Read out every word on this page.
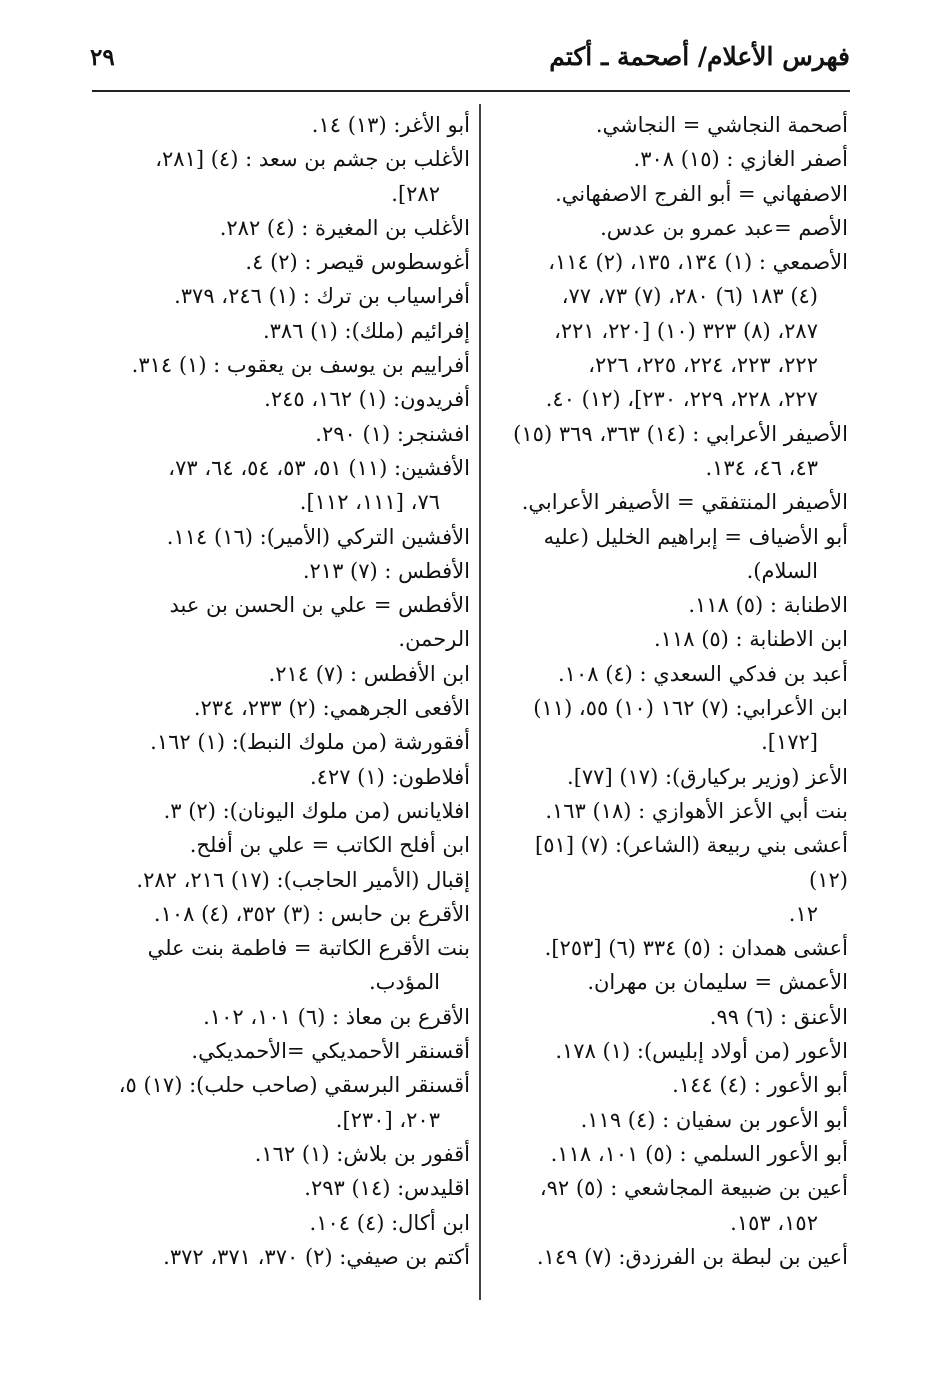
فهرس الأعلام/ أصحمة ـ أكتم
٢٩
أصحمة النجاشي = النجاشي.
أصفر الغازي : (١٥) ٣٠٨.
الاصفهاني = أبو الفرج الاصفهاني.
الأصم =عبد عمرو بن عدس.
الأصمعي : (١) ١٣٤، ١٣٥، (٢) ١١٤،
(٤) ١٨٣ (٦) ٢٨٠، (٧) ٧٣، ٧٧،
٢٨٧، (٨) ٣٢٣ (١٠) [٢٢٠، ٢٢١،
٢٢٢، ٢٢٣، ٢٢٤، ٢٢٥، ٢٢٦،
٢٢٧، ٢٢٨، ٢٢٩، ٢٣٠]، (١٢) ٤٠.
الأصيفر الأعرابي : (١٤) ٣٦٣، ٣٦٩ (١٥)
٤٣، ٤٦، ١٣٤.
الأصيفر المنتفقي = الأصيفر الأعرابي.
أبو الأضياف = إبراهيم الخليل (عليه
السلام).
الاطنابة : (٥) ١١٨.
ابن الاطنابة : (٥) ١١٨.
أعبد بن فدكي السعدي : (٤) ١٠٨.
ابن الأعرابي: (٧) ١٦٢ (١٠) ٥٥، (١١)
[١٧٢].
الأعز (وزير بركيارق): (١٧) [٧٧].
بنت أبي الأعز الأهوازي : (١٨) ١٦٣.
أعشى بني ربيعة (الشاعر): (٧) [٥١] (١٢)
١٢.
أعشى همدان : (٥) ٣٣٤ (٦) [٢٥٣].
الأعمش = سليمان بن مهران.
الأعنق : (٦) ٩٩.
الأعور (من أولاد إبليس): (١) ١٧٨.
أبو الأعور : (٤) ١٤٤.
أبو الأعور بن سفيان : (٤) ١١٩.
أبو الأعور السلمي : (٥) ١٠١، ١١٨.
أعين بن ضبيعة المجاشعي : (٥) ٩٢،
١٥٢، ١٥٣.
أعين بن لبطة بن الفرزدق: (٧) ١٤٩.
أبو الأغر: (١٣) ١٤.
الأغلب بن جشم بن سعد : (٤) [٢٨١،
٢٨٢].
الأغلب بن المغيرة : (٤) ٢٨٢.
أغوسطوس قيصر : (٢) ٤.
أفراسياب بن ترك : (١) ٢٤٦، ٣٧٩.
إفرائيم (ملك): (١) ٣٨٦.
أفراييم بن يوسف بن يعقوب : (١) ٣١٤.
أفريدون: (١) ١٦٢، ٢٤٥.
افشنجر: (١) ٢٩٠.
الأفشين: (١١) ٥١، ٥٣، ٥٤، ٦٤، ٧٣،
٧٦، [١١١، ١١٢].
الأفشين التركي (الأمير): (١٦) ١١٤.
الأفطس : (٧) ٢١٣.
الأفطس = علي بن الحسن بن عبد الرحمن.
ابن الأفطس : (٧) ٢١٤.
الأفعى الجرهمي: (٢) ٢٣٣، ٢٣٤.
أفقورشة (من ملوك النبط): (١) ١٦٢.
أفلاطون: (١) ٤٢٧.
افلايانس (من ملوك اليونان): (٢) ٣.
ابن أفلح الكاتب = علي بن أفلح.
إقبال (الأمير الحاجب): (١٧) ٢١٦، ٢٨٢.
الأقرع بن حابس : (٣) ٣٥٢، (٤) ١٠٨.
بنت الأقرع الكاتبة = فاطمة بنت علي
المؤدب.
الأقرع بن معاذ : (٦) ١٠١، ١٠٢.
أقسنقر الأحمديكي =الأحمديكي.
أقسنقر البرسقي (صاحب حلب): (١٧) ٥،
٢٠٣، [٢٣٠].
أقفور بن بلاش: (١) ١٦٢.
اقليدس: (١٤) ٢٩٣.
ابن أكال: (٤) ١٠٤.
أكتم بن صيفي: (٢) ٣٧٠، ٣٧١، ٣٧٢.
